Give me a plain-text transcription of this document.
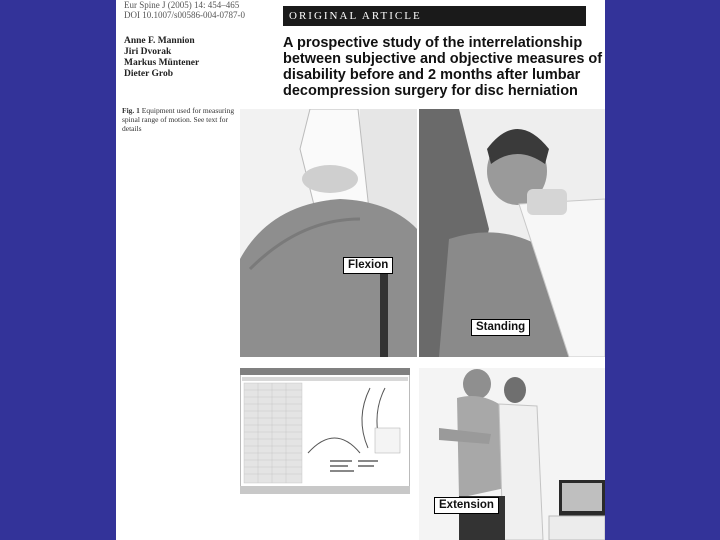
Eur Spine J (2005) 14: 454–465
DOI 10.1007/s00586-004-0787-0	ORIGINAL ARTICLE
Anne F. Mannion
Jiri Dvorak
Markus Müntener
Dieter Grob
A prospective study of the interrelationship between subjective and objective measures of disability before and 2 months after lumbar decompression surgery for disc herniation
Fig. 1 Equipment used for measuring spinal range of motion. See text for details
Flexion
Standing
Extension
